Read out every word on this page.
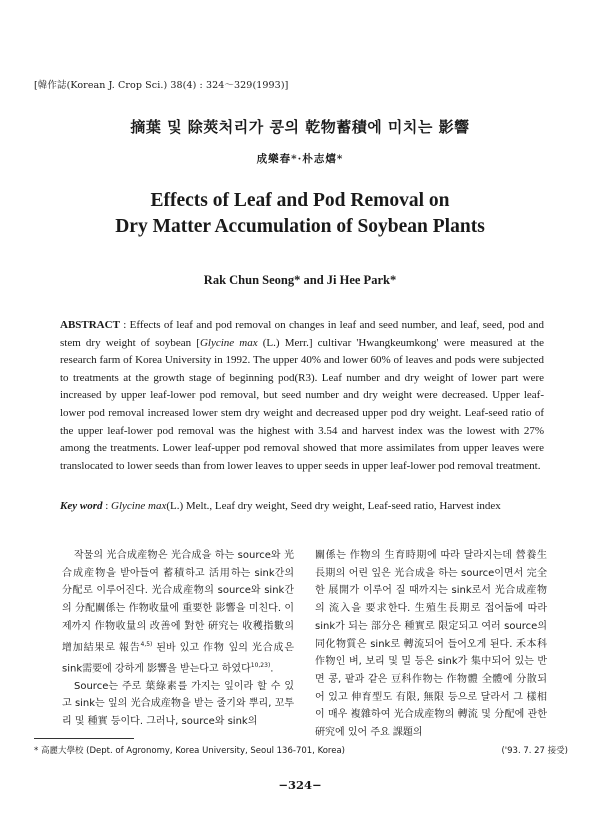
[韓作誌(Korean J. Crop Sci.) 38(4) : 324～329(1993)]
摘葉 및 除莢처리가 콩의 乾物蓄積에 미치는 影響
成樂春*·朴志熺*
Effects of Leaf and Pod Removal on
Dry Matter Accumulation of Soybean Plants
Rak Chun Seong* and Ji Hee Park*
ABSTRACT : Effects of leaf and pod removal on changes in leaf and seed number, and leaf, seed, pod and stem dry weight of soybean [Glycine max (L.) Merr.] cultivar 'Hwangkeumkong' were measured at the research farm of Korea University in 1992. The upper 40% and lower 60% of leaves and pods were subjected to treatments at the growth stage of beginning pod(R3). Leaf number and dry weight of lower part were increased by upper leaf-lower pod removal, but seed number and dry weight were decreased. Upper leaf-lower pod removal increased lower stem dry weight and decreased upper pod dry weight. Leaf-seed ratio of the upper leaf-lower pod removal was the highest with 3.54 and harvest index was the lowest with 27% among the treatments. Lower leaf-upper pod removal showed that more assimilates from upper leaves were translocated to lower seeds than from lower leaves to upper seeds in upper leaf-lower pod removal treatment.
Key word : Glycine max(L.) Melt., Leaf dry weight, Seed dry weight, Leaf-seed ratio, Harvest index

작물의 光合成産物은 光合成을 하는 source와 光合成産物을 받아들여 蓄積하고 活用하는 sink간의 分配로 이루어진다. 光合成産物의 source와 sink간의 分配關係는 作物收量에 重要한 影響을 미친다. 이제까지 作物收量의 改善에 對한 硏究는 收穫指數의 增加結果로 報告$^{4,5)}$ 된바 있고 作物 잎의 光合成은 sink需要에 강하게 影響을 받는다고 하였다$^{10,23)}$.

Source는 주로 葉綠素를 가지는 잎이라 할 수 있고 sink는 잎의 光合成産物을 받는 줄기와 뿌리, 꼬투리 및 種實 등이다. 그러나, source와 sink의

關係는 作物의 生育時期에 따라 달라지는데 營養生長期의 어린 잎은 光合成을 하는 source이면서 完全한 展開가 이루어 질 때까지는 sink로서 光合成産物의 流入을 要求한다. 生殖生長期로 접어듦에 따라 sink가 되는 部分은 種實로 限定되고 여러 source의 同化物質은 sink로 轉流되어 들어오게 된다. 禾本科作物인 벼, 보리 및 밀 등은 sink가 集中되어 있는 반면 콩, 팥과 같은 豆科作物는 作物體 全體에 分散되어 있고 伸育型도 有限, 無限 등으로 달라서 그 樣相이 매우 複雜하여 光合成産物의 轉流 및 分配에 관한 硏究에 있어 주요 課題의

* 高麗大學校 (Dept. of Agronomy, Korea University, Seoul 136-701, Korea)	('93. 7. 27 接受)
−324−
